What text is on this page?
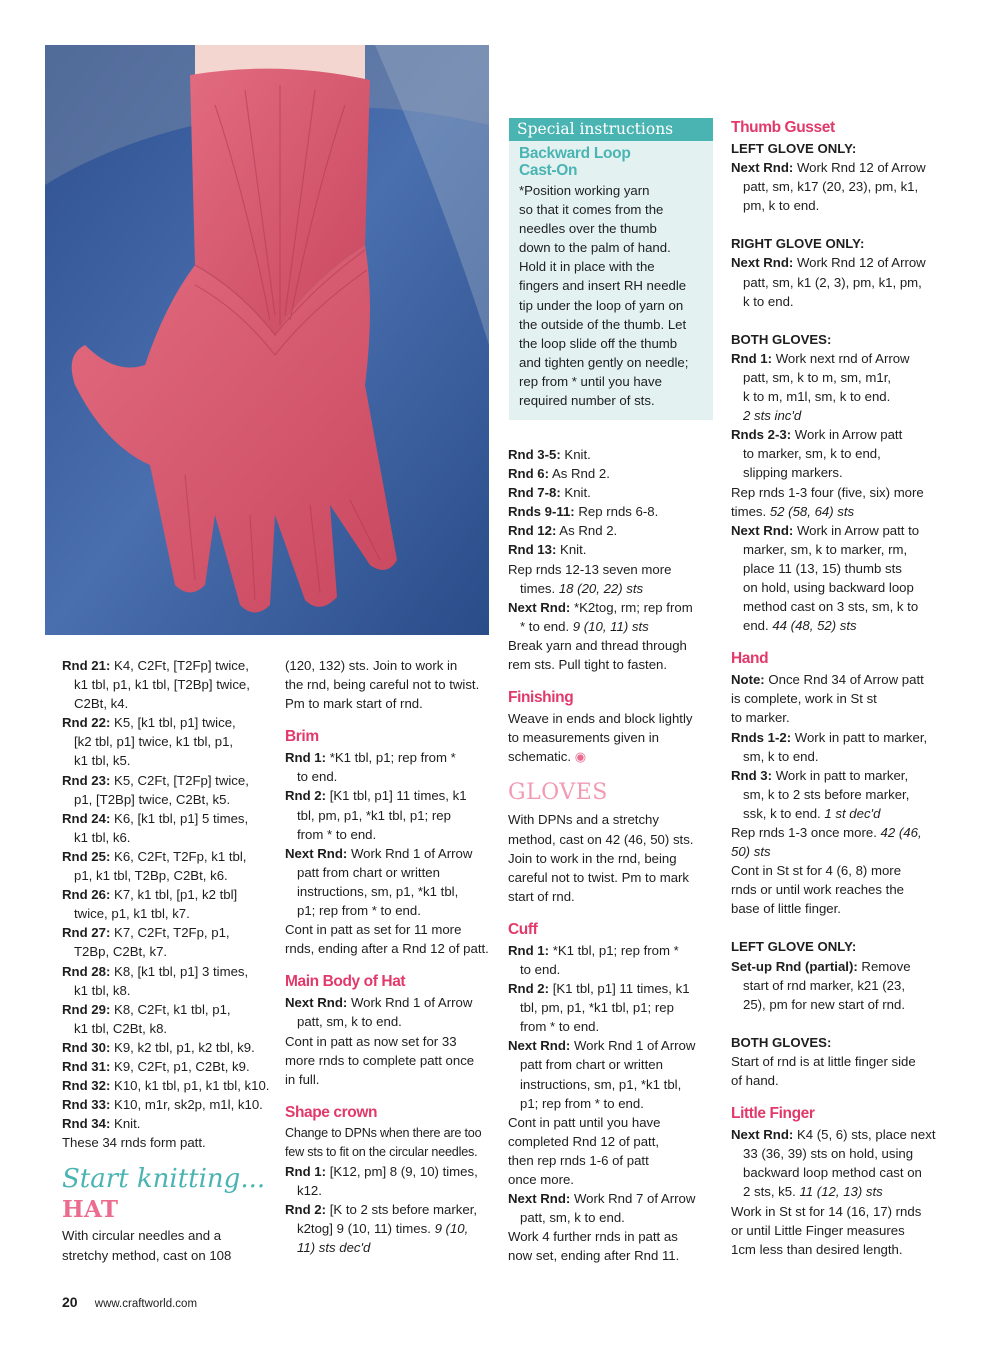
Special instructions
Backward Loop
Cast-On
*Position working yarn
so that it comes from the
needles over the thumb
down to the palm of hand.
Hold it in place with the
fingers and insert RH needle
tip under the loop of yarn on
the outside of the thumb. Let
the loop slide off the thumb
and tighten gently on needle;
rep from * until you have
required number of sts.
Rnd 21: K4, C2Ft, [T2Fp] twice,
k1 tbl, p1, k1 tbl, [T2Bp] twice,
C2Bt, k4.
Rnd 22: K5, [k1 tbl, p1] twice,
[k2 tbl, p1] twice, k1 tbl, p1,
k1 tbl, k5.
Rnd 23: K5, C2Ft, [T2Fp] twice,
p1, [T2Bp] twice, C2Bt, k5.
Rnd 24: K6, [k1 tbl, p1] 5 times,
k1 tbl, k6.
Rnd 25: K6, C2Ft, T2Fp, k1 tbl,
p1, k1 tbl, T2Bp, C2Bt, k6.
Rnd 26: K7, k1 tbl, [p1, k2 tbl]
twice, p1, k1 tbl, k7.
Rnd 27: K7, C2Ft, T2Fp, p1,
T2Bp, C2Bt, k7.
Rnd 28: K8, [k1 tbl, p1] 3 times,
k1 tbl, k8.
Rnd 29: K8, C2Ft, k1 tbl, p1,
k1 tbl, C2Bt, k8.
Rnd 30: K9, k2 tbl, p1, k2 tbl, k9.
Rnd 31: K9, C2Ft, p1, C2Bt, k9.
Rnd 32: K10, k1 tbl, p1, k1 tbl, k10.
Rnd 33: K10, m1r, sk2p, m1l, k10.
Rnd 34: Knit.

These 34 rnds form patt.

Start knitting...
HAT

With circular needles and a
stretchy method, cast on 108

(120, 132) sts. Join to work in
the rnd, being careful not to twist.
Pm to mark start of rnd.

Brim
Rnd 1: *K1 tbl, p1; rep from *
to end.
Rnd 2: [K1 tbl, p1] 11 times, k1
tbl, pm, p1, *k1 tbl, p1; rep
from * to end.
Next Rnd: Work Rnd 1 of Arrow
patt from chart or written
instructions, sm, p1, *k1 tbl,
p1; rep from * to end.

Cont in patt as set for 11 more
rnds, ending after a Rnd 12 of patt.

Main Body of Hat
Next Rnd: Work Rnd 1 of Arrow
patt, sm, k to end.

Cont in patt as now set for 33
more rnds to complete patt once
in full.

Shape crown

Change to DPNs when there are too
few sts to fit on the circular needles.

Rnd 1: [K12, pm] 8 (9, 10) times,
k12.
Rnd 2: [K to 2 sts before marker,
k2tog] 9 (10, 11) times. 9 (10,
11) sts dec'd
Rnd 3-5: Knit.
Rnd 6: As Rnd 2.
Rnd 7-8: Knit.
Rnds 9-11: Rep rnds 6-8.
Rnd 12: As Rnd 2.
Rnd 13: Knit.

Rep rnds 12-13 seven more
times. 18 (20, 22) sts

Next Rnd: *K2tog, rm; rep from
* to end. 9 (10, 11) sts

Break yarn and thread through
rem sts. Pull tight to fasten.

Finishing

Weave in ends and block lightly
to measurements given in
schematic. ◉

GLOVES

With DPNs and a stretchy
method, cast on 42 (46, 50) sts.
Join to work in the rnd, being
careful not to twist. Pm to mark
start of rnd.

Cuff
Rnd 1: *K1 tbl, p1; rep from *
to end.
Rnd 2: [K1 tbl, p1] 11 times, k1
tbl, pm, p1, *k1 tbl, p1; rep
from * to end.
Next Rnd: Work Rnd 1 of Arrow
patt from chart or written
instructions, sm, p1, *k1 tbl,
p1; rep from * to end.

Cont in patt until you have
completed Rnd 12 of patt,
then rep rnds 1-6 of patt
once more.

Next Rnd: Work Rnd 7 of Arrow
patt, sm, k to end.

Work 4 further rnds in patt as
now set, ending after Rnd 11.

Thumb Gusset

LEFT GLOVE ONLY:

Next Rnd: Work Rnd 12 of Arrow
patt, sm, k17 (20, 23), pm, k1,
pm, k to end.

RIGHT GLOVE ONLY:

Next Rnd: Work Rnd 12 of Arrow
patt, sm, k1 (2, 3), pm, k1, pm,
k to end.

BOTH GLOVES:

Rnd 1: Work next rnd of Arrow
patt, sm, k to m, sm, m1r,
k to m, m1l, sm, k to end.
2 sts inc'd
Rnds 2-3: Work in Arrow patt
to marker, sm, k to end,
slipping markers.

Rep rnds 1-3 four (five, six) more
times. 52 (58, 64) sts

Next Rnd: Work in Arrow patt to
marker, sm, k to marker, rm,
place 11 (13, 15) thumb sts
on hold, using backward loop
method cast on 3 sts, sm, k to
end. 44 (48, 52) sts
Hand

Note: Once Rnd 34 of Arrow patt
is complete, work in St st
to marker.

Rnds 1-2: Work in patt to marker,
sm, k to end.
Rnd 3: Work in patt to marker,
sm, k to 2 sts before marker,
ssk, k to end. 1 st dec'd

Rep rnds 1-3 once more. 42 (46,
50) sts

Cont in St st for 4 (6, 8) more
rnds or until work reaches the
base of little finger.

LEFT GLOVE ONLY:

Set-up Rnd (partial): Remove
start of rnd marker, k21 (23,
25), pm for new start of rnd.

BOTH GLOVES:

Start of rnd is at little finger side
of hand.

Little Finger
Next Rnd: K4 (5, 6) sts, place next
33 (36, 39) sts on hold, using
backward loop method cast on
2 sts, k5. 11 (12, 13) sts

Work in St st for 14 (16, 17) rnds
or until Little Finger measures
1cm less than desired length.

20 www.craftworld.com
